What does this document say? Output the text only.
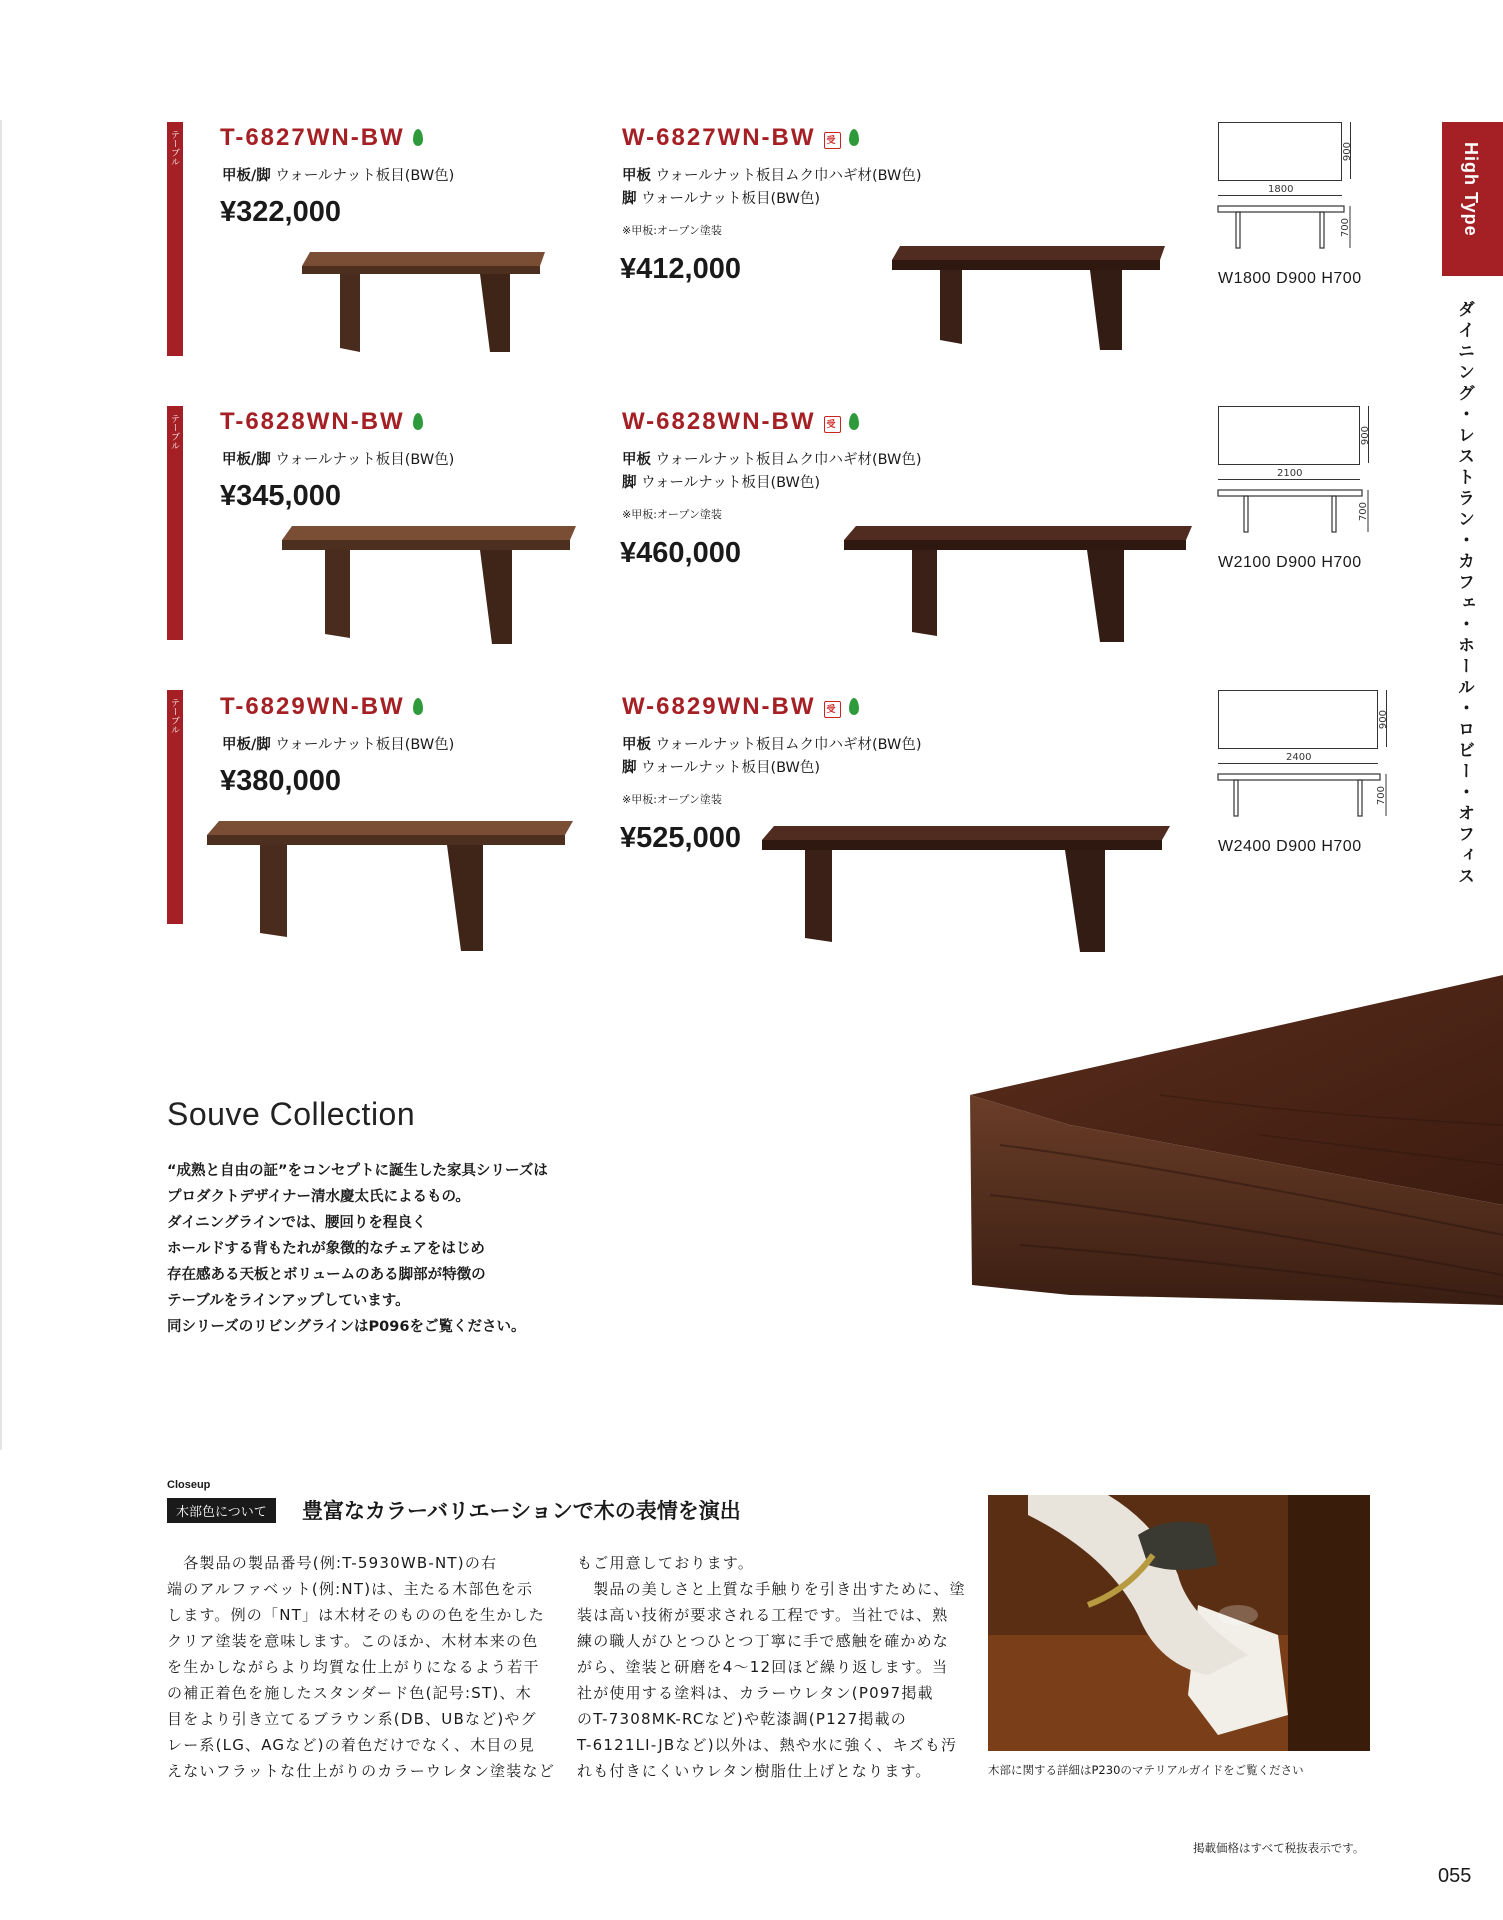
High Type
ダイニング・レストラン・カフェ・ホール・ロビー・オフィス
テーブル T-6827WN-BW
甲板/脚 ウォールナット板目(BW色)
¥322,000
W-6827WN-BW 受
甲板 ウォールナット板目ムク巾ハギ材(BW色)
脚 ウォールナット板目(BW色)
※甲板:オープン塗装
¥412,000
900
1800
700
W1800 D900 H700
テーブル T-6828WN-BW
甲板/脚 ウォールナット板目(BW色)
¥345,000
W-6828WN-BW 受
甲板 ウォールナット板目ムク巾ハギ材(BW色)
脚 ウォールナット板目(BW色)
※甲板:オープン塗装
¥460,000
900
2100
700
W2100 D900 H700
テーブル T-6829WN-BW
甲板/脚 ウォールナット板目(BW色)
¥380,000
W-6829WN-BW 受
甲板 ウォールナット板目ムク巾ハギ材(BW色)
脚 ウォールナット板目(BW色)
※甲板:オープン塗装
¥525,000
900
2400
700
W2400 D900 H700
Souve Collection
“成熟と自由の証”をコンセプトに誕生した家具シリーズは
プロダクトデザイナー清水慶太氏によるもの。
ダイニングラインでは、腰回りを程良く
ホールドする背もたれが象徴的なチェアをはじめ
存在感ある天板とボリュームのある脚部が特徴の
テーブルをラインアップしています。
同シリーズのリビングラインはP096をご覧ください。
Closeup
木部色について	豊富なカラーバリエーションで木の表情を演出
　各製品の製品番号(例:T-5930WB-NT)の右
端のアルファベット(例:NT)は、主たる木部色を示
します。例の「NT」は木材そのものの色を生かした
クリア塗装を意味します。このほか、木材本来の色
を生かしながらより均質な仕上がりになるよう若干
の補正着色を施したスタンダード色(記号:ST)、木
目をより引き立てるブラウン系(DB、UBなど)やグ
レー系(LG、AGなど)の着色だけでなく、木目の見
えないフラットな仕上がりのカラーウレタン塗装など
もご用意しております。
　製品の美しさと上質な手触りを引き出すために、塗
装は高い技術が要求される工程です。当社では、熟
練の職人がひとつひとつ丁寧に手で感触を確かめな
がら、塗装と研磨を4〜12回ほど繰り返します。当
社が使用する塗料は、カラーウレタン(P097掲載
のT-7308MK-RCなど)や乾漆調(P127掲載の
T-6121LI-JBなど)以外は、熱や水に強く、キズも汚
れも付きにくいウレタン樹脂仕上げとなります。	木部に関する詳細はP230のマテリアルガイドをご覧ください
掲載価格はすべて税抜表示です。
055
